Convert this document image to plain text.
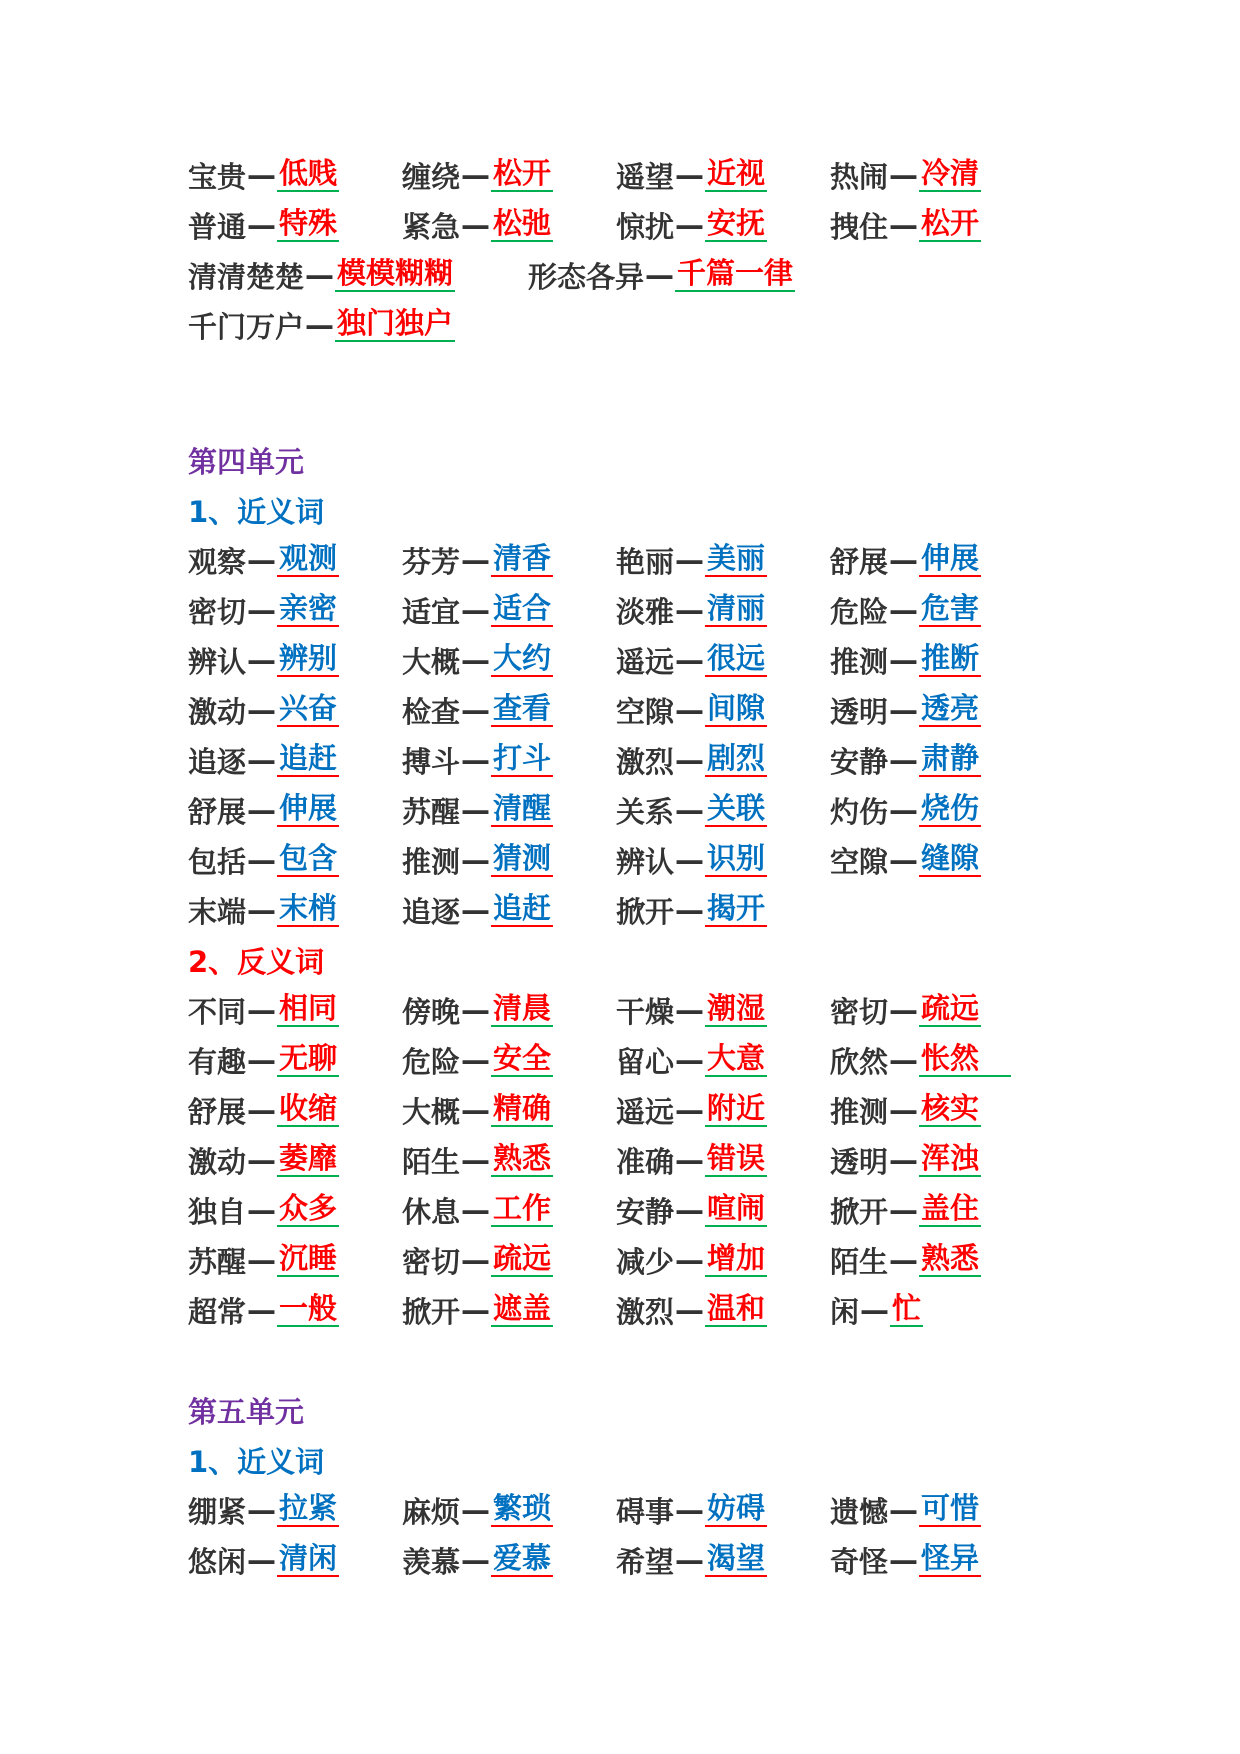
宝贵 — 低贱 缠绕 — 松开 遥望 — 近视 热闹 — 冷清
普通 — 特殊 紧急 — 松弛 惊扰 — 安抚 拽住 — 松开
清清楚楚 — 模模糊糊	形态各异 — 千篇一律
千门万户 — 独门独户
第四单元
1、近义词
观察 — 观测 芬芳 — 清香 艳丽 — 美丽 舒展 — 伸展
密切 — 亲密 适宜 — 适合 淡雅 — 清丽 危险 — 危害
辨认 — 辨别 大概 — 大约 遥远 — 很远 推测 — 推断
激动 — 兴奋 检查 — 查看 空隙 — 间隙 透明 — 透亮
追逐 — 追赶 搏斗 — 打斗 激烈 — 剧烈 安静 — 肃静
舒展 — 伸展 苏醒 — 清醒 关系 — 关联 灼伤 — 烧伤
包括 — 包含 推测 — 猜测 辨认 — 识别 空隙 — 缝隙
末端 — 末梢 追逐 — 追赶 掀开 — 揭开
2、反义词
不同 — 相同 傍晚 — 清晨 干燥 — 潮湿 密切 — 疏远
有趣 — 无聊 危险 — 安全 留心 — 大意 欣然 — 怅然
舒展 — 收缩 大概 — 精确 遥远 — 附近 推测 — 核实
激动 — 萎靡 陌生 — 熟悉 准确 — 错误 透明 — 浑浊
独自 — 众多 休息 — 工作 安静 — 喧闹 掀开 — 盖住
苏醒 — 沉睡 密切 — 疏远 减少 — 增加 陌生 — 熟悉
超常 — 一般 掀开 — 遮盖 激烈 — 温和 闲 — 忙
第五单元
1、近义词
绷紧 — 拉紧 麻烦 — 繁琐 碍事 — 妨碍 遗憾 — 可惜
悠闲 — 清闲 羡慕 — 爱慕 希望 — 渴望 奇怪 — 怪异
